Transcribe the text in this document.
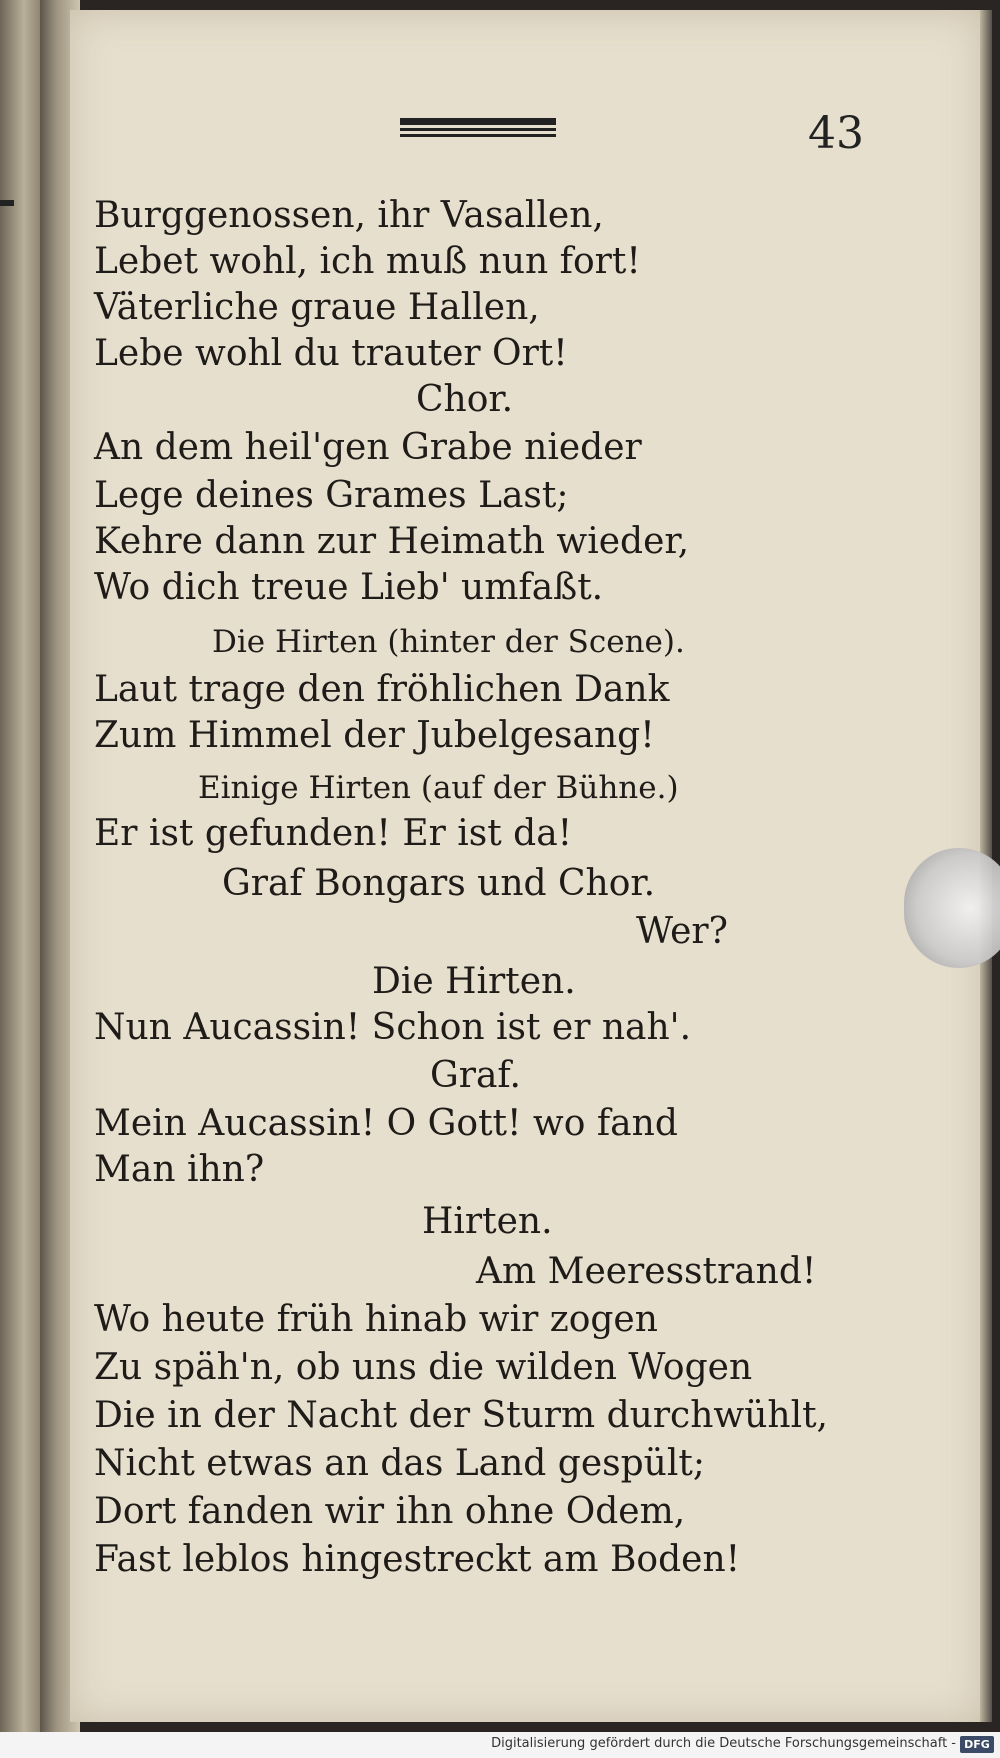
43
Burggenossen, ihr Vasallen,
Lebet wohl, ich muß nun fort!
Väterliche graue Hallen,
Lebe wohl du trauter Ort!
Chor.
An dem heil'gen Grabe nieder
Lege deines Grames Last;
Kehre dann zur Heimath wieder,
Wo dich treue Lieb' umfaßt.
Die Hirten (hinter der Scene).
Laut trage den fröhlichen Dank
Zum Himmel der Jubelgesang!
Einige Hirten (auf der Bühne.)
Er ist gefunden! Er ist da!
Graf Bongars und Chor.
Wer?
Die Hirten.
Nun Aucassin! Schon ist er nah'.
Graf.
Mein Aucassin! O Gott! wo fand
Man ihn?
Hirten.
Am Meeresstrand!
Wo heute früh hinab wir zogen
Zu späh'n, ob uns die wilden Wogen
Die in der Nacht der Sturm durchwühlt,
Nicht etwas an das Land gespült;
Dort fanden wir ihn ohne Odem,
Fast leblos hingestreckt am Boden!
Digitalisierung gefördert durch die Deutsche Forschungsgemeinschaft - DFG
